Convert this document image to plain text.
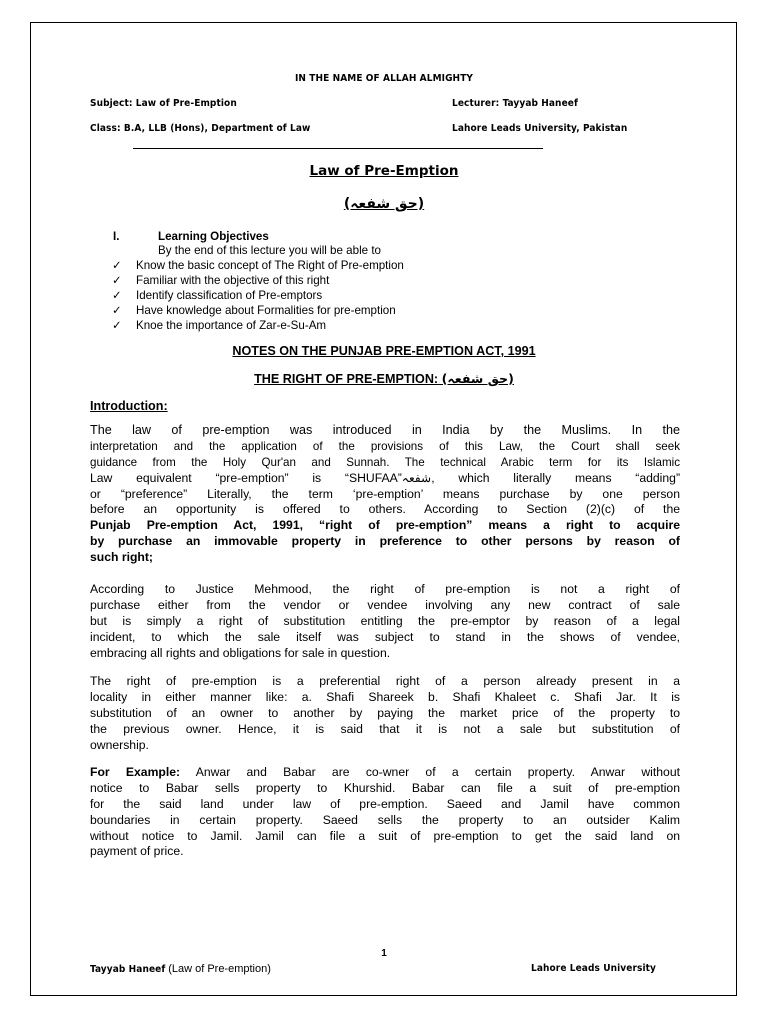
IN THE NAME OF ALLAH ALMIGHTY

Subject: Law of Pre-Emption	Lecturer: Tayyab Haneef

Class: B.A, LLB (Hons), Department of Law	Lahore Leads University, Pakistan

Law of Pre-Emption

(حق شفعہ)

I.	Learning Objectives

By the end of this lecture you will be able to

✓ Know the basic concept of The Right of Pre-emption
✓ Familiar with the objective of this right
✓ Identify classification of Pre-emptors
✓ Have knowledge about Formalities for pre-emption
✓ Knoe the importance of Zar-e-Su-Am

NOTES ON THE PUNJAB PRE-EMPTION ACT, 1991

THE RIGHT OF PRE-EMPTION: (حق شفعہ)

Introduction:

The law of pre-emption was introduced in India by the Muslims. In the
interpretation and the application of the provisions of this Law, the Court shall seek
guidance from the Holy Qur'an and Sunnah. The technical Arabic term for its Islamic
Law equivalent “pre-emption” is “SHUFAA”شفعہ, which literally means “adding”
or “preference” Literally, the term ‘pre-emption’ means purchase by one person
before an opportunity is offered to others. According to Section (2)(c) of the
Punjab Pre-emption Act, 1991, “right of pre-emption” means a right to acquire
by purchase an immovable property in preference to other persons by reason of
such right;
According to Justice Mehmood, the right of pre-emption is not a right of
purchase either from the vendor or vendee involving any new contract of sale
but is simply a right of substitution entitling the pre-emptor by reason of a legal
incident, to which the sale itself was subject to stand in the shows of vendee,
embracing all rights and obligations for sale in question.
The right of pre-emption is a preferential right of a person already present in a
locality in either manner like: a. Shafi Shareek b. Shafi Khaleet c. Shafi Jar. It is
substitution of an owner to another by paying the market price of the property to
the previous owner. Hence, it is said that it is not a sale but substitution of
ownership.
For Example: Anwar and Babar are co-wner of a certain property. Anwar without
notice to Babar sells property to Khurshid. Babar can file a suit of pre-emption
for the said land under law of pre-emption. Saeed and Jamil have common
boundaries in certain property. Saeed sells the property to an outsider Kalim
without notice to Jamil. Jamil can file a suit of pre-emption to get the said land on
payment of price.

1

Tayyab Haneef (Law of Pre-emption)	Lahore Leads University
